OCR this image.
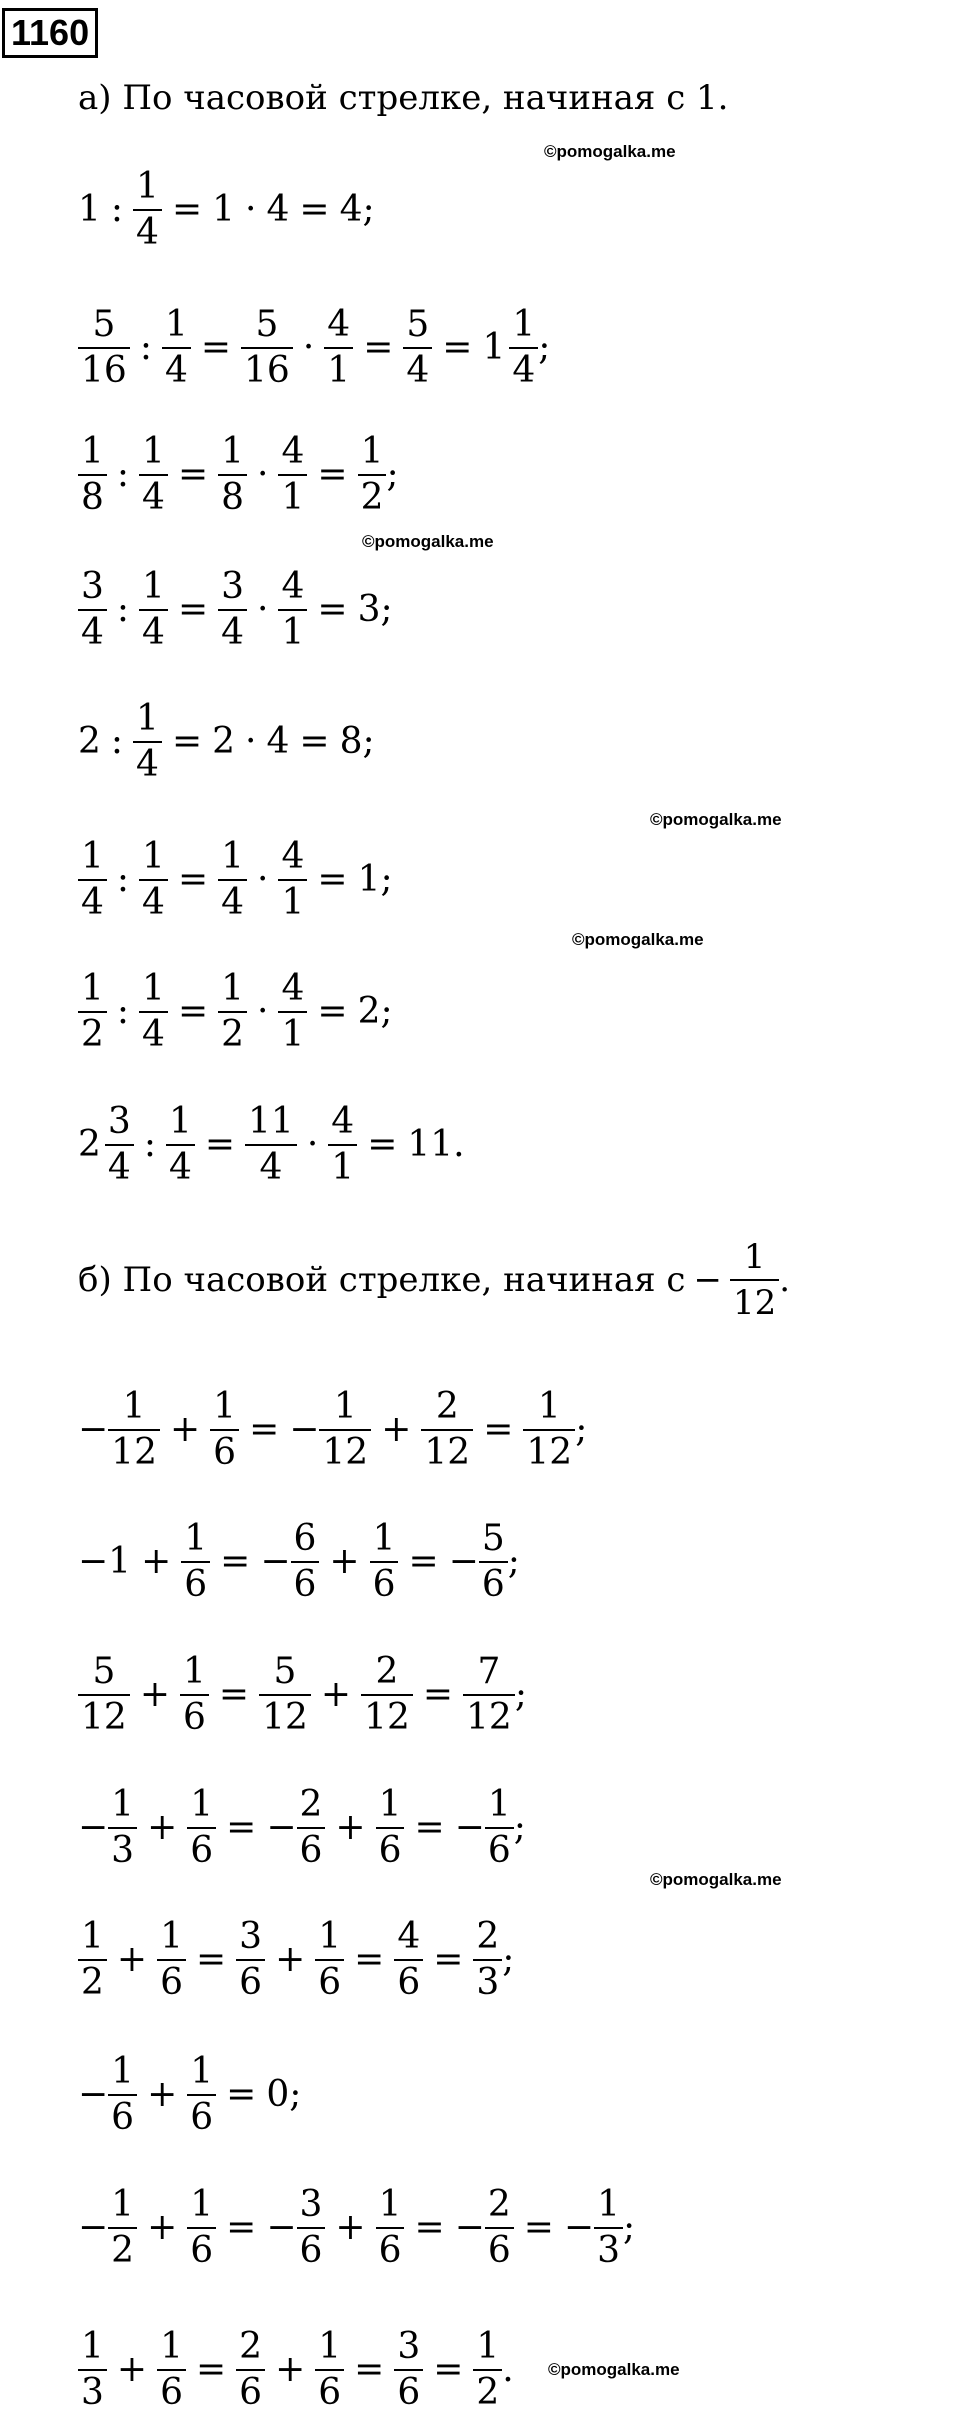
1160
а) По часовой стрелке, начиная с 1.
б) По часовой стрелке, начиная $с - \frac{1}{12}$ .
1 : $\frac{1}{4} = 1 \cdot 4 = 4$;
$\frac{5}{16}$ : $\frac{1}{4} = \frac{5}{16} \cdot \frac{4}{1} = \frac{5}{4} = 1 \frac{1}{4}$ ;
$\frac{1}{8}$ : $\frac{1}{4} = \frac{1}{8} \cdot \frac{4}{1} = \frac{1}{2}$ ;
$\frac{3}{4}$ : $\frac{1}{4} = \frac{3}{4} \cdot \frac{4}{1} = 3$;
2 : $\frac{1}{4} = 2 \cdot 4 = 8$;
$\frac{1}{4}$ : $\frac{1}{4} = \frac{1}{4} \cdot \frac{4}{1} = 1$;
$\frac{1}{2}$ : $\frac{1}{4} = \frac{1}{2} \cdot \frac{4}{1} = 2$;
$2 \frac{3}{4}$ : $\frac{1}{4} = \frac{11}{4} \cdot \frac{4}{1} = 11$.
− $\frac{1}{12} + \frac{1}{6}$ = − $\frac{1}{12} + \frac{2}{12} = \frac{1}{12}$ ;
$-1 + \frac{1}{6}$ = − $\frac{6}{6} + \frac{1}{6}$ = − $\frac{5}{6}$ ;
$\frac{5}{12} + \frac{1}{6} = \frac{5}{12} + \frac{2}{12} = \frac{7}{12}$ ;
− $\frac{1}{3} + \frac{1}{6}$ = − $\frac{2}{6} + \frac{1}{6}$ = − $\frac{1}{6}$ ;
$\frac{1}{2} + \frac{1}{6} = \frac{3}{6} + \frac{1}{6} = \frac{4}{6} = \frac{2}{3}$ ;
− $\frac{1}{6} + \frac{1}{6} = 0$;
− $\frac{1}{2} + \frac{1}{6}$ = − $\frac{3}{6} + \frac{1}{6}$ = − $\frac{2}{6}$ = − $\frac{1}{3}$ ;
$\frac{1}{3} + \frac{1}{6} = \frac{2}{6} + \frac{1}{6} = \frac{3}{6} = \frac{1}{2}$ .
©pomogalka.me
©pomogalka.me
©pomogalka.me
©pomogalka.me
©pomogalka.me
©pomogalka.me
